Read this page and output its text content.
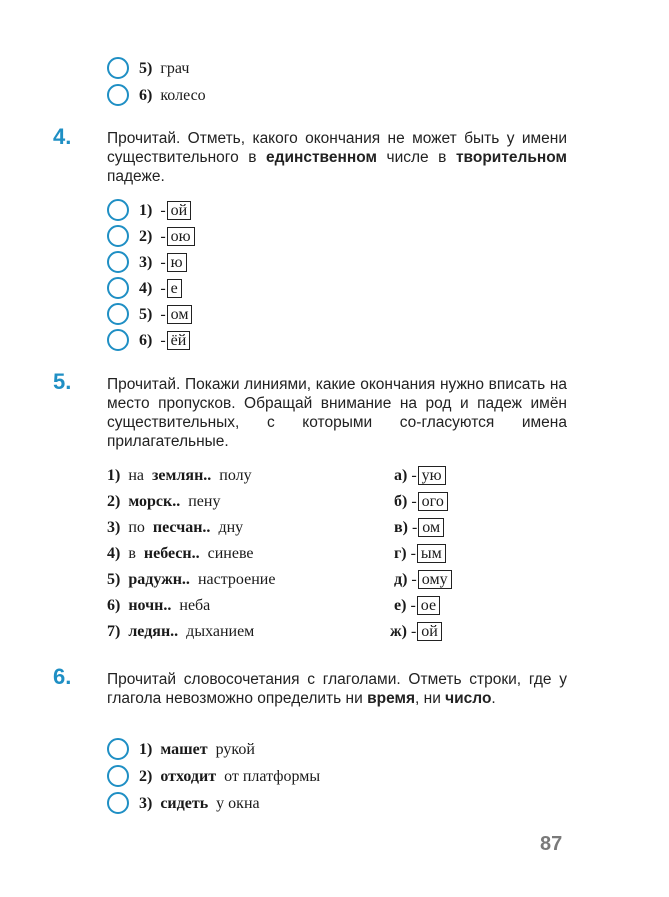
5) грач
6) колесо
4. Прочитай. Отметь, какого окончания не может быть у имени существительного в единственном числе в творительном падеже.
1)  - ой
2)  - ою
3)  - ю
4)  - е
5)  - ом
6)  - ёй
5. Прочитай. Покажи линиями, какие окончания нужно вписать на место пропусков. Обращай внимание на род и падеж имён существительных, с которыми со-гласуются имена прилагательные.
1) на землян.. полу
2) морск.. пену
3) по песчан.. дну
4) в небесн.. синеве
5) радужн.. настроение
6) ночн.. неба
7) ледян.. дыханием
а) - ую
б) - ого
в) - ом
г) - ым
д) - ому
е) - ое
ж) - ой
6. Прочитай словосочетания с глаголами. Отметь строки, где у глагола невозможно определить ни время, ни число.
1) машет рукой
2) отходит от платформы
3) сидеть у окна
87
